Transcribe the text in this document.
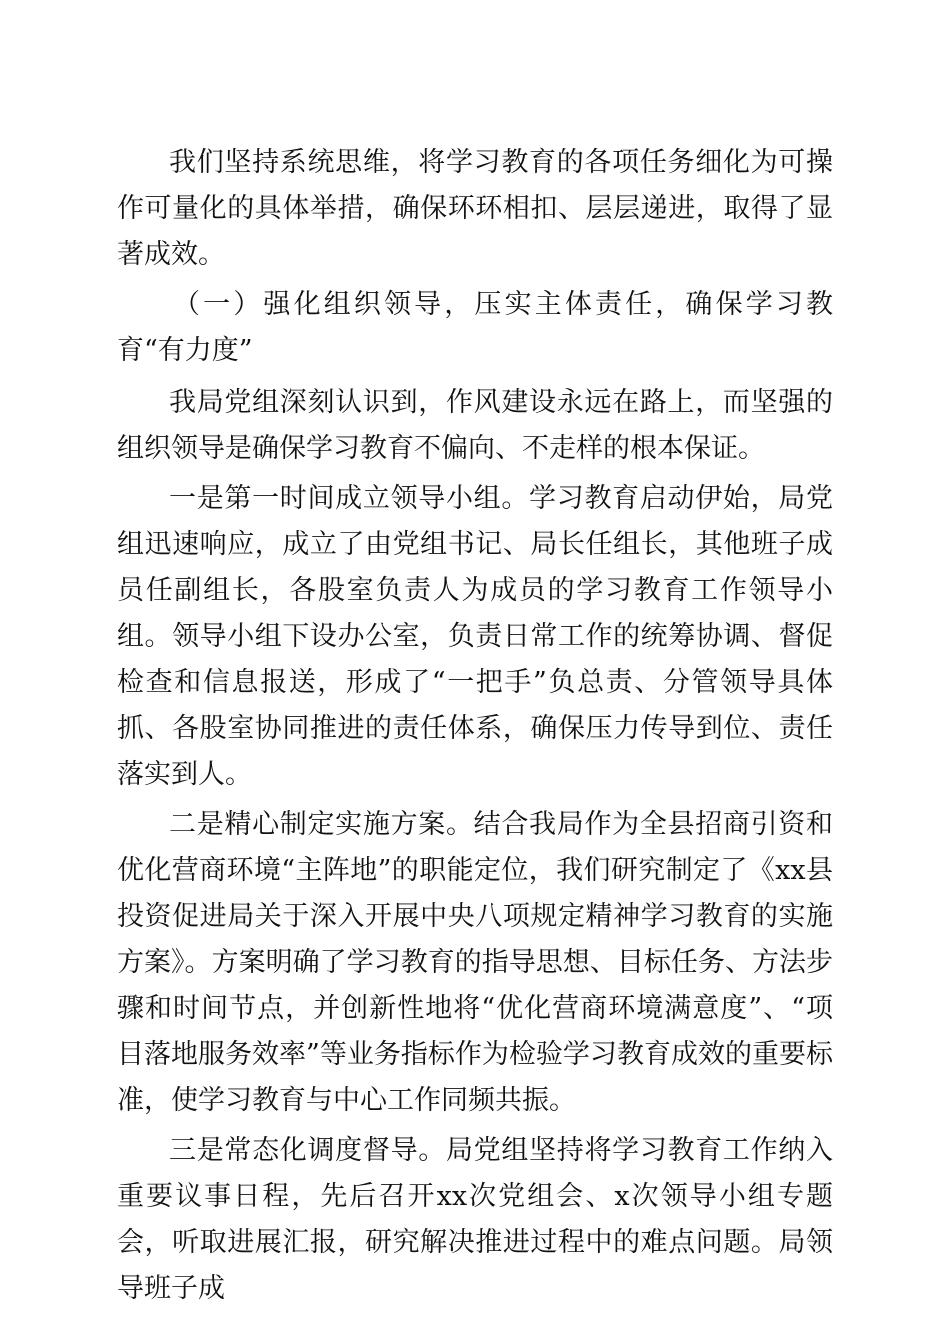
我们坚持系统思维，将学习教育的各项任务细化为可操作可量化的具体举措，确保环环相扣、层层递进，取得了显著成效。

（一）强化组织领导，压实主体责任，确保学习教育“有力度”

我局党组深刻认识到，作风建设永远在路上，而坚强的组织领导是确保学习教育不偏向、不走样的根本保证。

一是第一时间成立领导小组。学习教育启动伊始，局党组迅速响应，成立了由党组书记、局长任组长，其他班子成员任副组长，各股室负责人为成员的学习教育工作领导小组。领导小组下设办公室，负责日常工作的统筹协调、督促检查和信息报送，形成了“一把手”负总责、分管领导具体抓、各股室协同推进的责任体系，确保压力传导到位、责任落实到人。

二是精心制定实施方案。结合我局作为全县招商引资和优化营商环境“主阵地”的职能定位，我们研究制定了《xx县投资促进局关于深入开展中央八项规定精神学习教育的实施方案》。方案明确了学习教育的指导思想、目标任务、方法步骤和时间节点，并创新性地将“优化营商环境满意度”、“项目落地服务效率”等业务指标作为检验学习教育成效的重要标准，使学习教育与中心工作同频共振。

三是常态化调度督导。局党组坚持将学习教育工作纳入重要议事日程，先后召开xx次党组会、x次领导小组专题会，听取进展汇报，研究解决推进过程中的难点问题。局领导班子成
